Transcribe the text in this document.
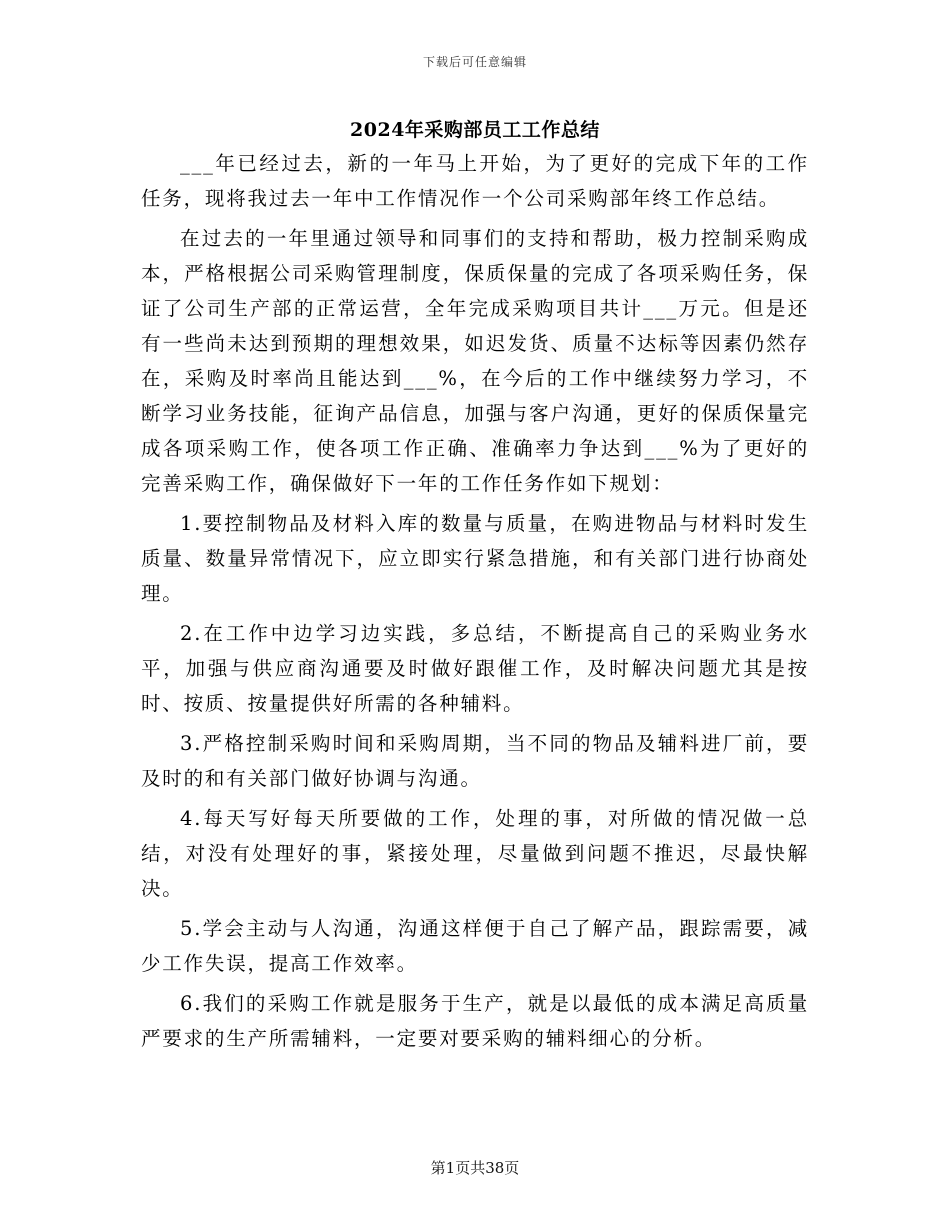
下载后可任意编辑
2024年采购部员工工作总结

___年已经过去，新的一年马上开始，为了更好的完成下年的工作任务，现将我过去一年中工作情况作一个公司采购部年终工作总结。

在过去的一年里通过领导和同事们的支持和帮助，极力控制采购成本，严格根据公司采购管理制度，保质保量的完成了各项采购任务，保证了公司生产部的正常运营，全年完成采购项目共计___万元。但是还有一些尚未达到预期的理想效果，如迟发货、质量不达标等因素仍然存在，采购及时率尚且能达到___%，在今后的工作中继续努力学习，不断学习业务技能，征询产品信息，加强与客户沟通，更好的保质保量完成各项采购工作，使各项工作正确、准确率力争达到___%为了更好的完善采购工作，确保做好下一年的工作任务作如下规划：

1.要控制物品及材料入库的数量与质量，在购进物品与材料时发生质量、数量异常情况下，应立即实行紧急措施，和有关部门进行协商处理。

2.在工作中边学习边实践，多总结，不断提高自己的采购业务水平，加强与供应商沟通要及时做好跟催工作，及时解决问题尤其是按时、按质、按量提供好所需的各种辅料。

3.严格控制采购时间和采购周期，当不同的物品及辅料进厂前，要及时的和有关部门做好协调与沟通。

4.每天写好每天所要做的工作，处理的事，对所做的情况做一总结，对没有处理好的事，紧接处理，尽量做到问题不推迟，尽最快解决。

5.学会主动与人沟通，沟通这样便于自己了解产品，跟踪需要，减少工作失误，提高工作效率。

6.我们的采购工作就是服务于生产，就是以最低的成本满足高质量严要求的生产所需辅料，一定要对要采购的辅料细心的分析。

第1页共38页
